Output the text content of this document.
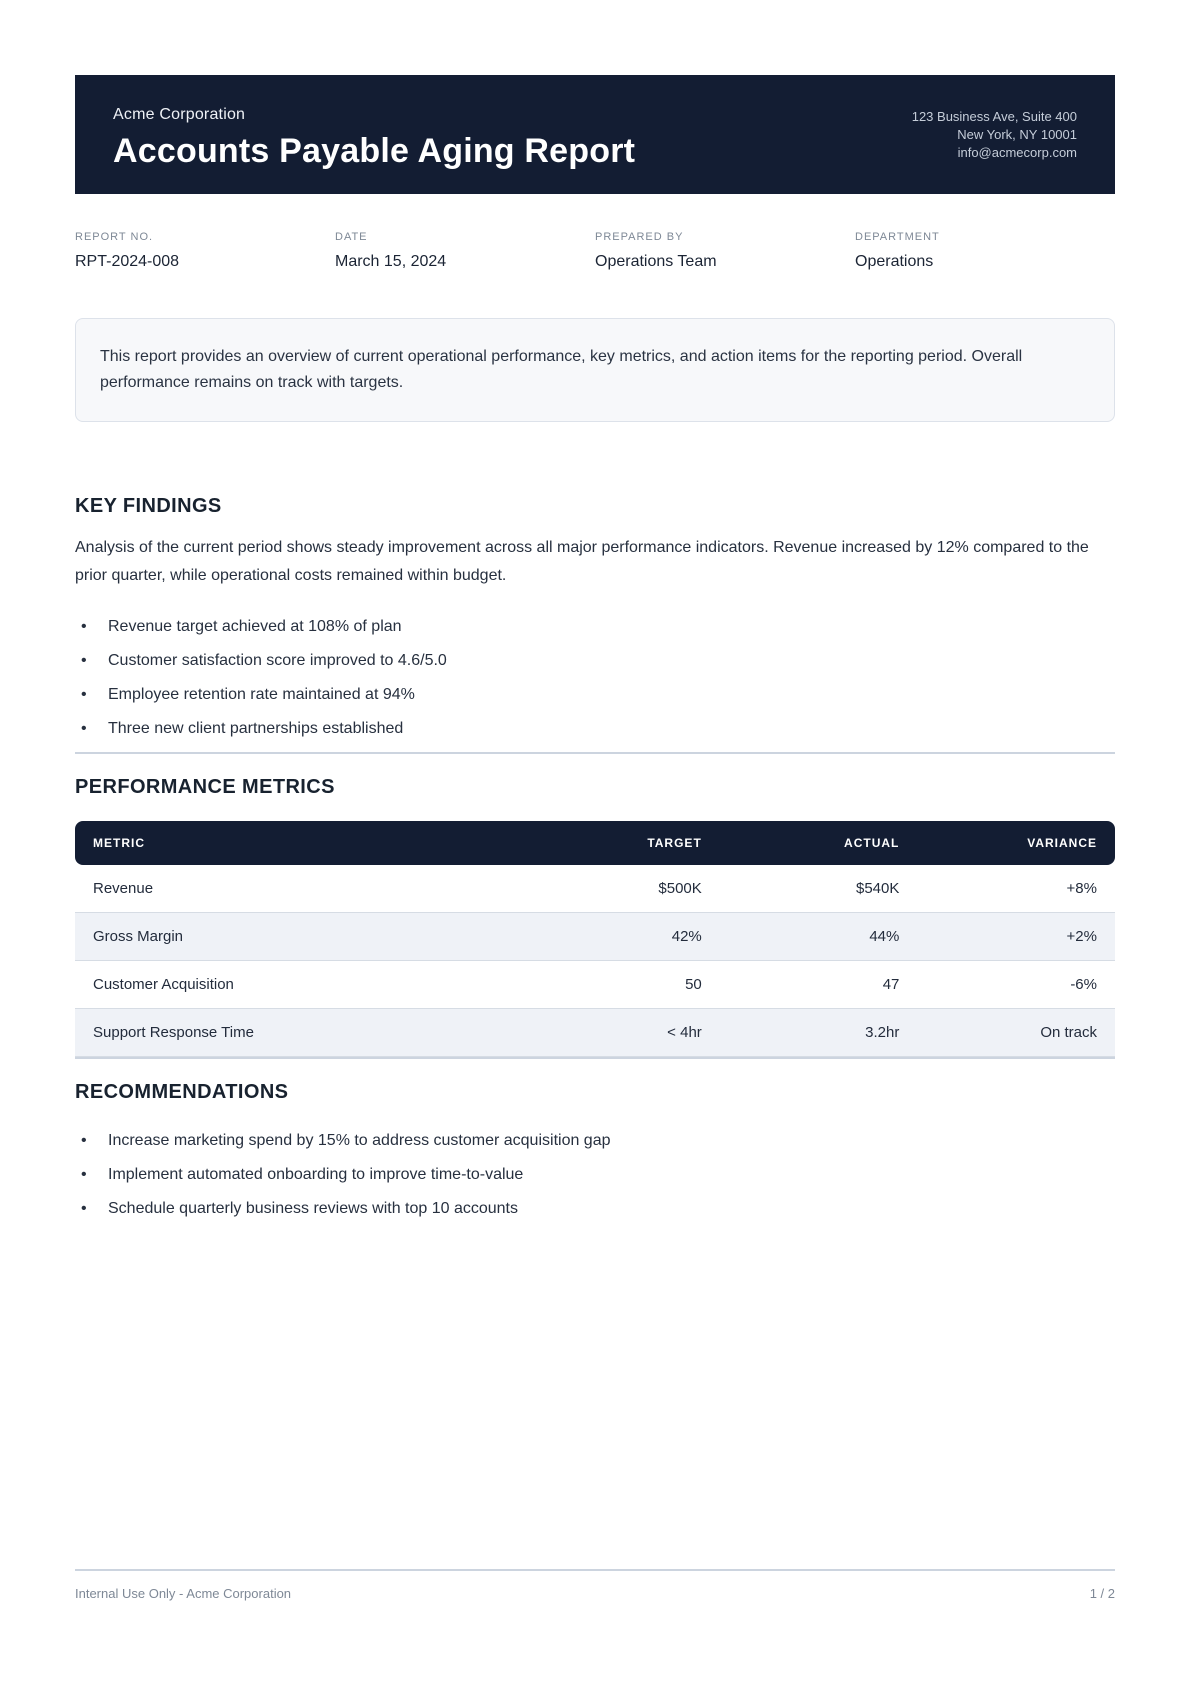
Acme Corporation
Accounts Payable Aging Report
123 Business Ave, Suite 400
New York, NY 10001
info@acmecorp.com
REPORT NO.
RPT-2024-008
DATE
March 15, 2024
PREPARED BY
Operations Team
DEPARTMENT
Operations

This report provides an overview of current operational performance, key metrics, and action items for the reporting period. Overall performance remains on track with targets.

KEY FINDINGS

Analysis of the current period shows steady improvement across all major performance indicators. Revenue increased by 12% compared to the prior quarter, while operational costs remained within budget.

• Revenue target achieved at 108% of plan
• Customer satisfaction score improved to 4.6/5.0
• Employee retention rate maintained at 94%
• Three new client partnerships established
PERFORMANCE METRICS
METRIC	TARGET	ACTUAL	VARIANCE
Revenue	$500K	$540K	+8%
Gross Margin	42%	44%	+2%
Customer Acquisition	50	47	-6%
Support Response Time	< 4hr	3.2hr	On track
RECOMMENDATIONS
• Increase marketing spend by 15% to address customer acquisition gap
• Implement automated onboarding to improve time-to-value
• Schedule quarterly business reviews with top 10 accounts
Internal Use Only - Acme Corporation	1 / 2
